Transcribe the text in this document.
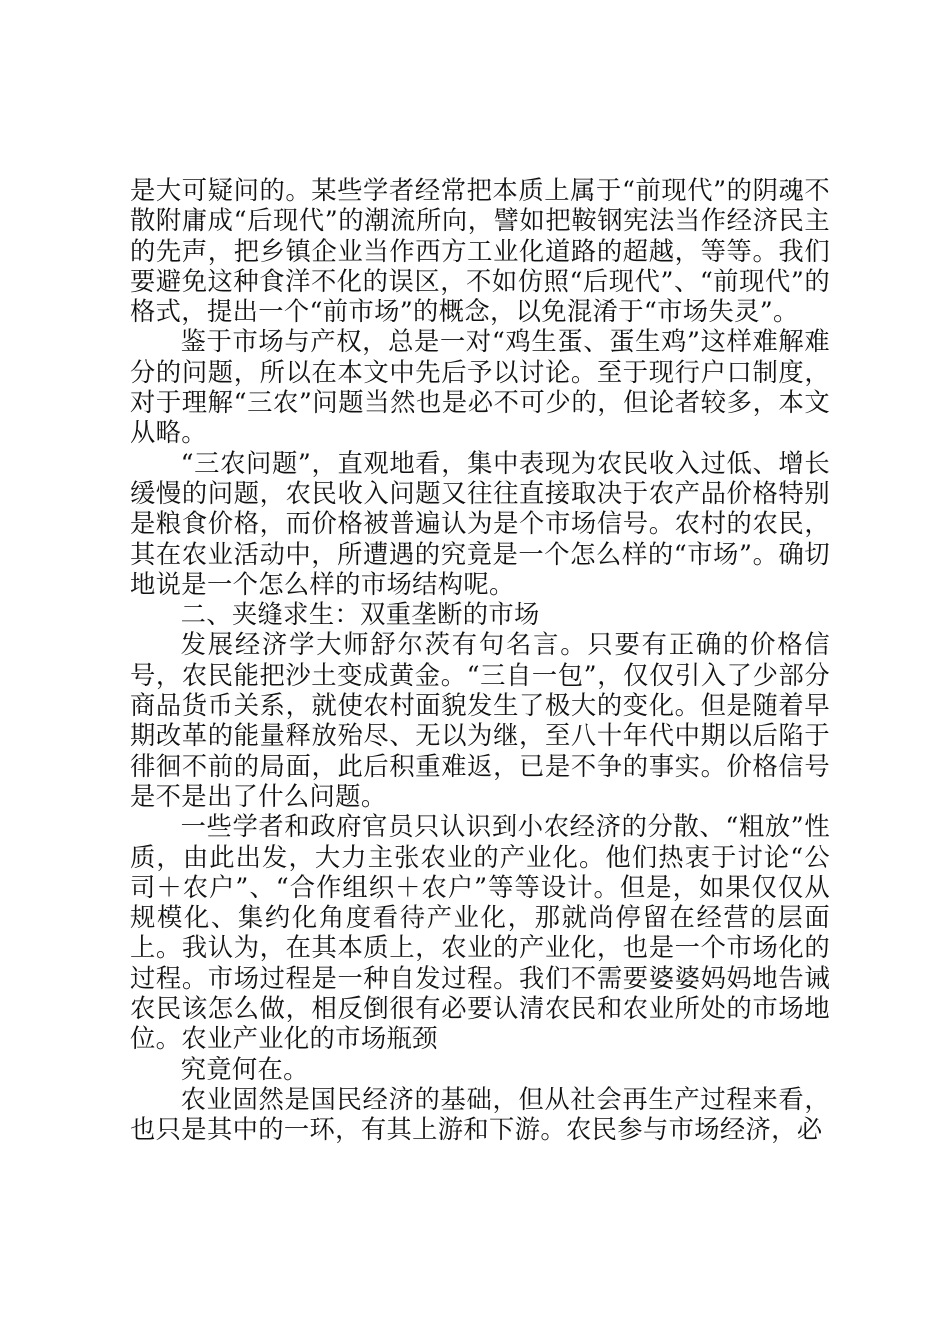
是大可疑问的。某些学者经常把本质上属于“前现代”的阴魂不散附庸成“后现代”的潮流所向，譬如把鞍钢宪法当作经济民主的先声，把乡镇企业当作西方工业化道路的超越，等等。我们要避免这种食洋不化的误区，不如仿照“后现代”、“前现代”的格式，提出一个“前市场”的概念，以免混淆于“市场失灵”。

鉴于市场与产权，总是一对“鸡生蛋、蛋生鸡”这样难解难分的问题，所以在本文中先后予以讨论。至于现行户口制度，对于理解“三农”问题当然也是必不可少的，但论者较多，本文从略。

“三农问题”，直观地看，集中表现为农民收入过低、增长缓慢的问题，农民收入问题又往往直接取决于农产品价格特别是粮食价格，而价格被普遍认为是个市场信号。农村的农民，其在农业活动中，所遭遇的究竟是一个怎么样的“市场”。确切地说是一个怎么样的市场结构呢。

二、夹缝求生：双重垄断的市场

发展经济学大师舒尔茨有句名言。只要有正确的价格信号，农民能把沙土变成黄金。“三自一包”，仅仅引入了少部分商品货币关系，就使农村面貌发生了极大的变化。但是随着早期改革的能量释放殆尽、无以为继，至八十年代中期以后陷于徘徊不前的局面，此后积重难返，已是不争的事实。价格信号是不是出了什么问题。

一些学者和政府官员只认识到小农经济的分散、“粗放”性质，由此出发，大力主张农业的产业化。他们热衷于讨论“公司＋农户”、“合作组织＋农户”等等设计。但是，如果仅仅从规模化、集约化角度看待产业化，那就尚停留在经营的层面上。我认为，在其本质上，农业的产业化，也是一个市场化的过程。市场过程是一种自发过程。我们不需要婆婆妈妈地告诫农民该怎么做，相反倒很有必要认清农民和农业所处的市场地位。农业产业化的市场瓶颈

究竟何在。

农业固然是国民经济的基础，但从社会再生产过程来看，也只是其中的一环，有其上游和下游。农民参与市场经济，必
